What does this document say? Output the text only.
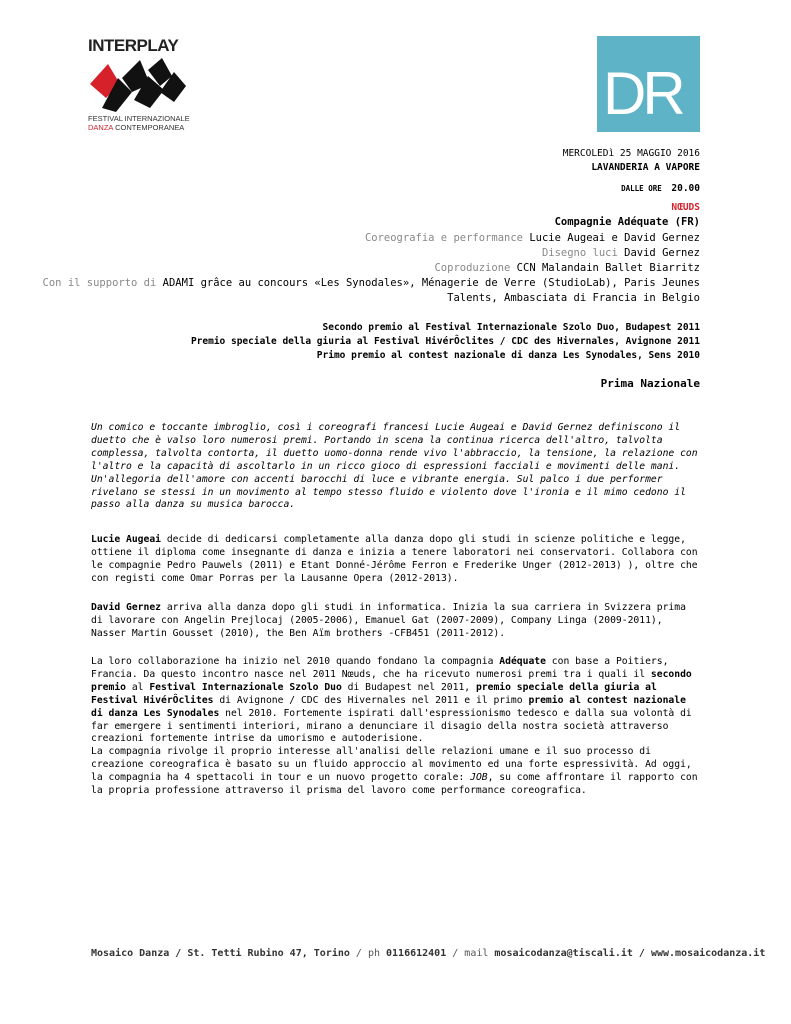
INTERPLAY
FESTIVAL INTERNAZIONALE
DANZA CONTEMPORANEA
DR
MERCOLEDì 25 MAGGIO 2016
LAVANDERIA A VAPORE
DALLE ORE 20.00
NŒUDS
Compagnie Adéquate (FR)
Coreografia e performance Lucie Augeai e David Gernez
Disegno luci David Gernez
Coproduzione CCN Malandain Ballet Biarritz
Con il supporto di ADAMI grâce au concours «Les Synodales», Ménagerie de Verre (StudioLab), Paris Jeunes
Talents, Ambasciata di Francia in Belgio
Secondo premio al Festival Internazionale Szolo Duo, Budapest 2011
Premio speciale della giuria al Festival HivérÔclites / CDC des Hivernales, Avignone 2011
Primo premio al contest nazionale di danza Les Synodales, Sens 2010
Prima Nazionale
Un comico e toccante imbroglio, così i coreografi francesi Lucie Augeai e David Gernez definiscono il duetto che è valso loro numerosi premi. Portando in scena la continua ricerca dell'altro, talvolta complessa, talvolta contorta, il duetto uomo-donna rende vivo l'abbraccio, la tensione, la relazione con l'altro e la capacità di ascoltarlo in un ricco gioco di espressioni facciali e movimenti delle mani. Un'allegoria dell'amore con accenti barocchi di luce e vibrante energia. Sul palco i due performer rivelano se stessi in un movimento al tempo stesso fluido e violento dove l'ironia e il mimo cedono il passo alla danza su musica barocca.
Lucie Augeai decide di dedicarsi completamente alla danza dopo gli studi in scienze politiche e legge, ottiene il diploma come insegnante di danza e inizia a tenere laboratori nei conservatori. Collabora con le compagnie Pedro Pauwels (2011) e Etant Donné-Jérôme Ferron e Frederike Unger (2012-2013) ), oltre che con registi come Omar Porras per la Lausanne Opera (2012-2013).
David Gernez arriva alla danza dopo gli studi in informatica. Inizia la sua carriera in Svizzera prima di lavorare con Angelin Prejlocaj (2005-2006), Emanuel Gat (2007-2009), Company Linga (2009-2011), Nasser Martin Gousset (2010), the Ben Aïm brothers -CFB451 (2011-2012).
La loro collaborazione ha inizio nel 2010 quando fondano la compagnia Adéquate con base a Poitiers, Francia. Da questo incontro nasce nel 2011 Nœuds, che ha ricevuto numerosi premi tra i quali il secondo premio al Festival Internazionale Szolo Duo di Budapest nel 2011, premio speciale della giuria al Festival HivérÔclites di Avignone / CDC des Hivernales nel 2011 e il primo premio al contest nazionale di danza Les Synodales nel 2010. Fortemente ispirati dall'espressionismo tedesco e dalla sua volontà di far emergere i sentimenti interiori, mirano a denunciare il disagio della nostra società attraverso creazioni fortemente intrise da umorismo e autoderisione.
La compagnia rivolge il proprio interesse all'analisi delle relazioni umane e il suo processo di creazione coreografica è basato su un fluido approccio al movimento ed una forte espressività. Ad oggi, la compagnia ha 4 spettacoli in tour e un nuovo progetto corale: JOB, su come affrontare il rapporto con la propria professione attraverso il prisma del lavoro come performance coreografica.
Mosaico Danza / St. Tetti Rubino 47, Torino / ph 0116612401 / mail mosaicodanza@tiscali.it / www.mosaicodanza.it
